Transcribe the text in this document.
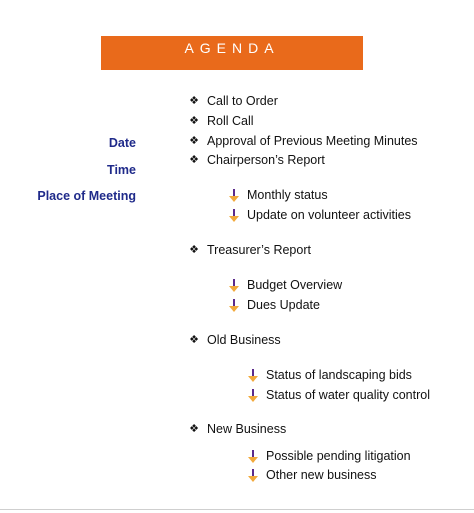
AGENDA
Date
Time
Place of Meeting
❖ Call to Order
❖ Roll Call
❖ Approval of Previous Meeting Minutes
❖ Chairperson’s Report
Monthly status
Update on volunteer activities
❖ Treasurer’s Report
Budget Overview
Dues Update
❖ Old Business
Status of landscaping bids
Status of water quality control
❖ New Business
Possible pending litigation
Other new business
